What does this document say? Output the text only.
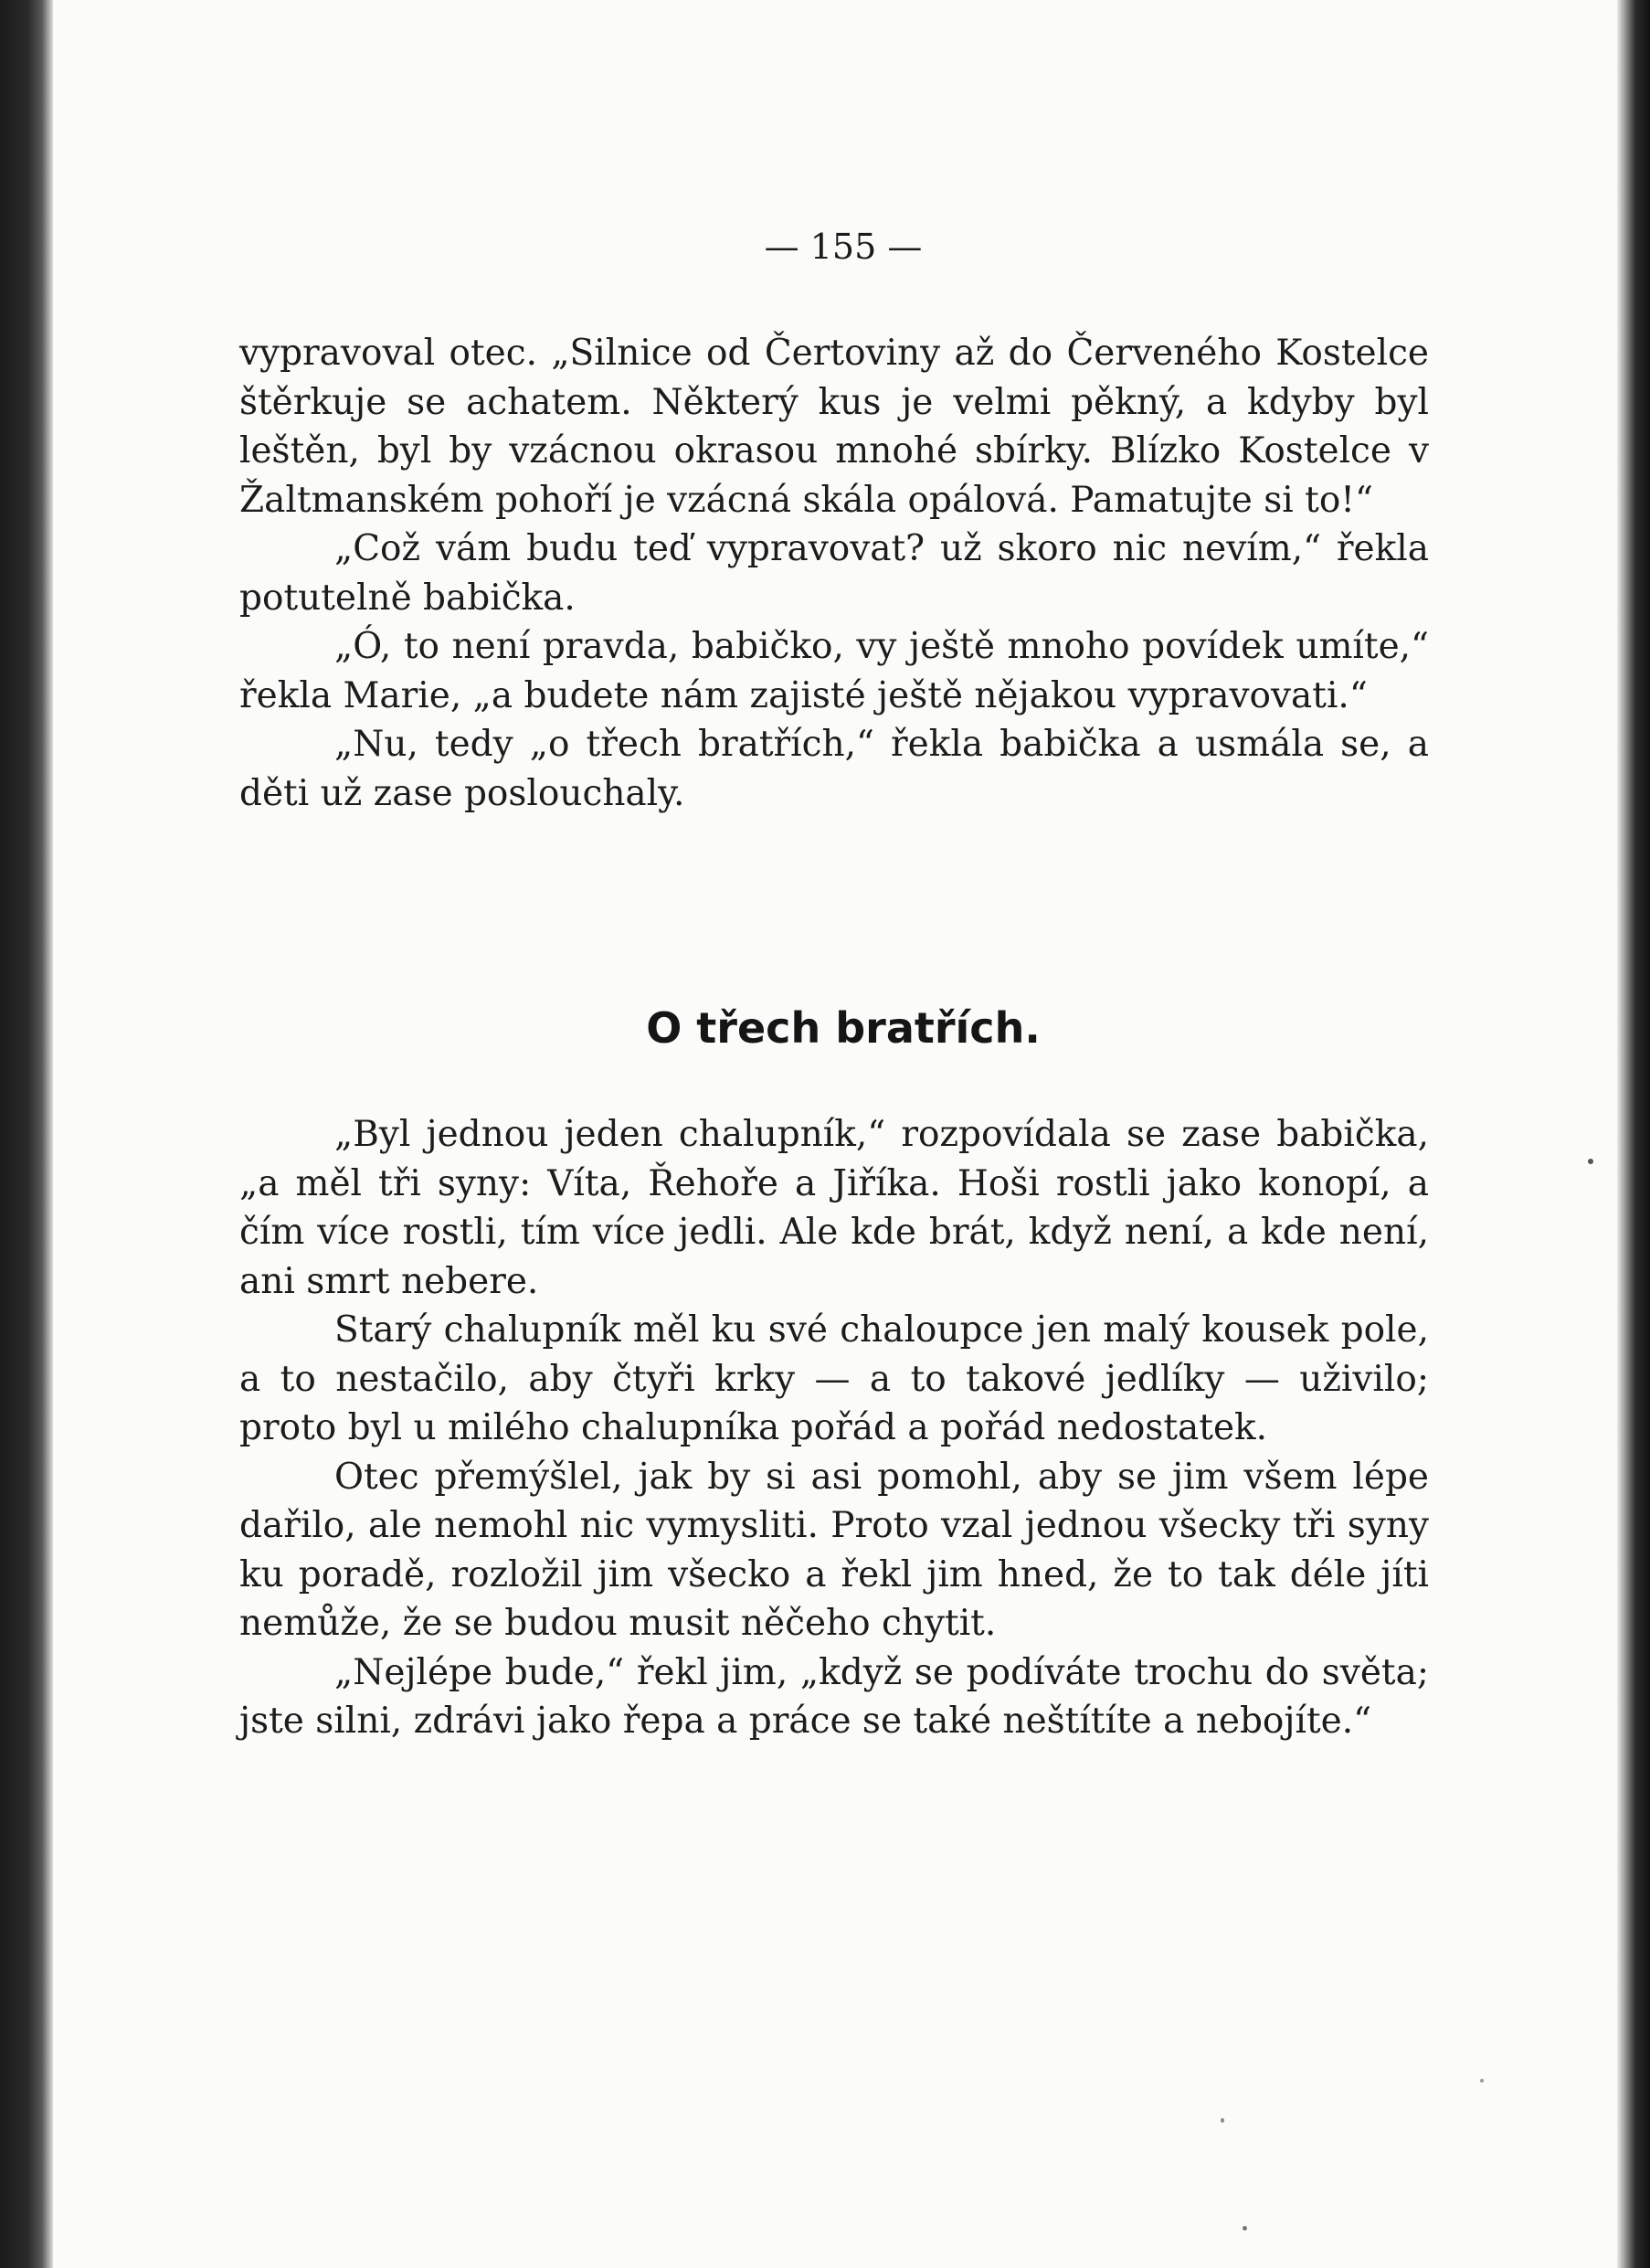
— 155 —

vypravoval otec. „Silnice od Čertoviny až do Červeného Kostelce štěrkuje se achatem. Některý kus je velmi pěkný, a kdyby byl leštěn, byl by vzácnou okrasou mnohé sbírky. Blízko Kostelce v Žaltmanském pohoří je vzácná skála opálová. Pamatujte si to!“

„Což vám budu teď vypravovat? už skoro nic nevím,“ řekla potutelně babička.

„Ó, to není pravda, babičko, vy ještě mnoho povídek umíte,“ řekla Marie, „a budete nám zajisté ještě nějakou vypravovati.“

„Nu, tedy „o třech bratřích,“ řekla babička a usmála se, a děti už zase poslouchaly.

O třech bratřích.

„Byl jednou jeden chalupník,“ rozpovídala se zase babička, „a měl tři syny: Víta, Řehoře a Jiříka. Hoši rostli jako konopí, a čím více rostli, tím více jedli. Ale kde brát, když není, a kde není, ani smrt nebere.

Starý chalupník měl ku své chaloupce jen malý kousek pole, a to nestačilo, aby čtyři krky — a to takové jedlíky — uživilo; proto byl u milého chalupníka pořád a pořád nedostatek.

Otec přemýšlel, jak by si asi pomohl, aby se jim všem lépe dařilo, ale nemohl nic vymysliti. Proto vzal jednou všecky tři syny ku poradě, rozložil jim všecko a řekl jim hned, že to tak déle jíti nemůže, že se budou musit něčeho chytit.

„Nejlépe bude,“ řekl jim, „když se podíváte trochu do světa; jste silni, zdrávi jako řepa a práce se také neštítíte a nebojíte.“
